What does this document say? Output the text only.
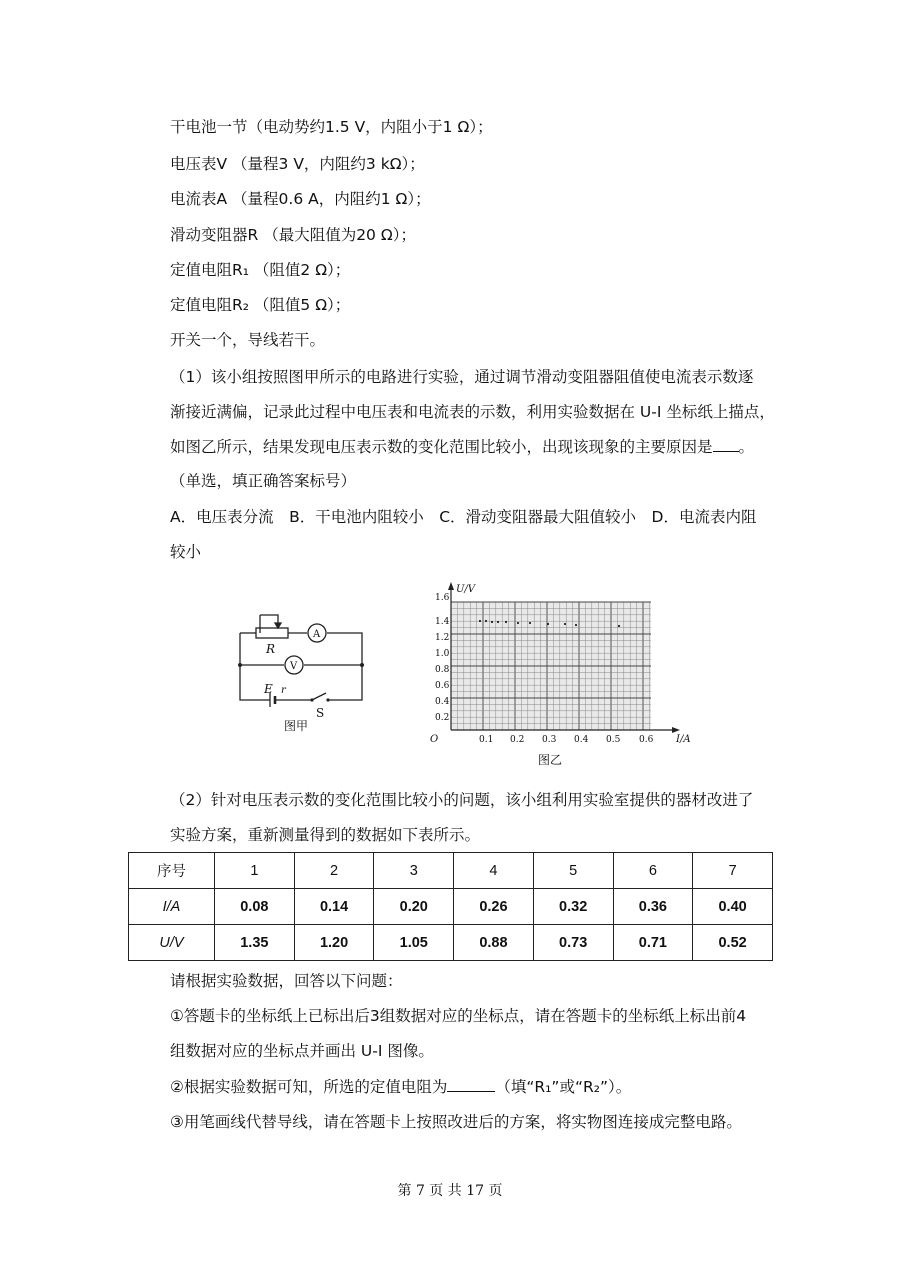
干电池一节（电动势约1.5 V，内阻小于1 Ω）；
电压表V （量程3 V，内阻约3 kΩ）；
电流表A （量程0.6 A，内阻约1 Ω）；
滑动变阻器R （最大阻值为20 Ω）；
定值电阻R₁ （阻值2 Ω）；
定值电阻R₂ （阻值5 Ω）；
开关一个，导线若干。
（1）该小组按照图甲所示的电路进行实验，通过调节滑动变阻器阻值使电流表示数逐
渐接近满偏，记录此过程中电压表和电流表的示数，利用实验数据在 U-I 坐标纸上描点，
如图乙所示，结果发现电压表示数的变化范围比较小，出现该现象的主要原因是 。
（单选，填正确答案标号）
A．电压表分流　B．干电池内阻较小　C．滑动变阻器最大阻值较小　D．电流表内阻
较小
R
A
V
E r
S
图甲
1.6
1.4
1.2
1.0
0.8
0.6
0.4
0.2
0.1 0.2 0.3 0.4 0.5 0.6
O
U/V
I/A
图乙
（2）针对电压表示数的变化范围比较小的问题，该小组利用实验室提供的器材改进了
实验方案，重新测量得到的数据如下表所示。
序号	1	2	3	4	5	6	7
I/A	0.08	0.14	0.20	0.26	0.32	0.36	0.40
U/V	1.35	1.20	1.05	0.88	0.73	0.71	0.52
请根据实验数据，回答以下问题：
①答题卡的坐标纸上已标出后3组数据对应的坐标点，请在答题卡的坐标纸上标出前4
组数据对应的坐标点并画出 U-I 图像。
②根据实验数据可知，所选的定值电阻为	（填“R₁”或“R₂”）。
③用笔画线代替导线，请在答题卡上按照改进后的方案，将实物图连接成完整电路。
第 7 页 共 17 页
